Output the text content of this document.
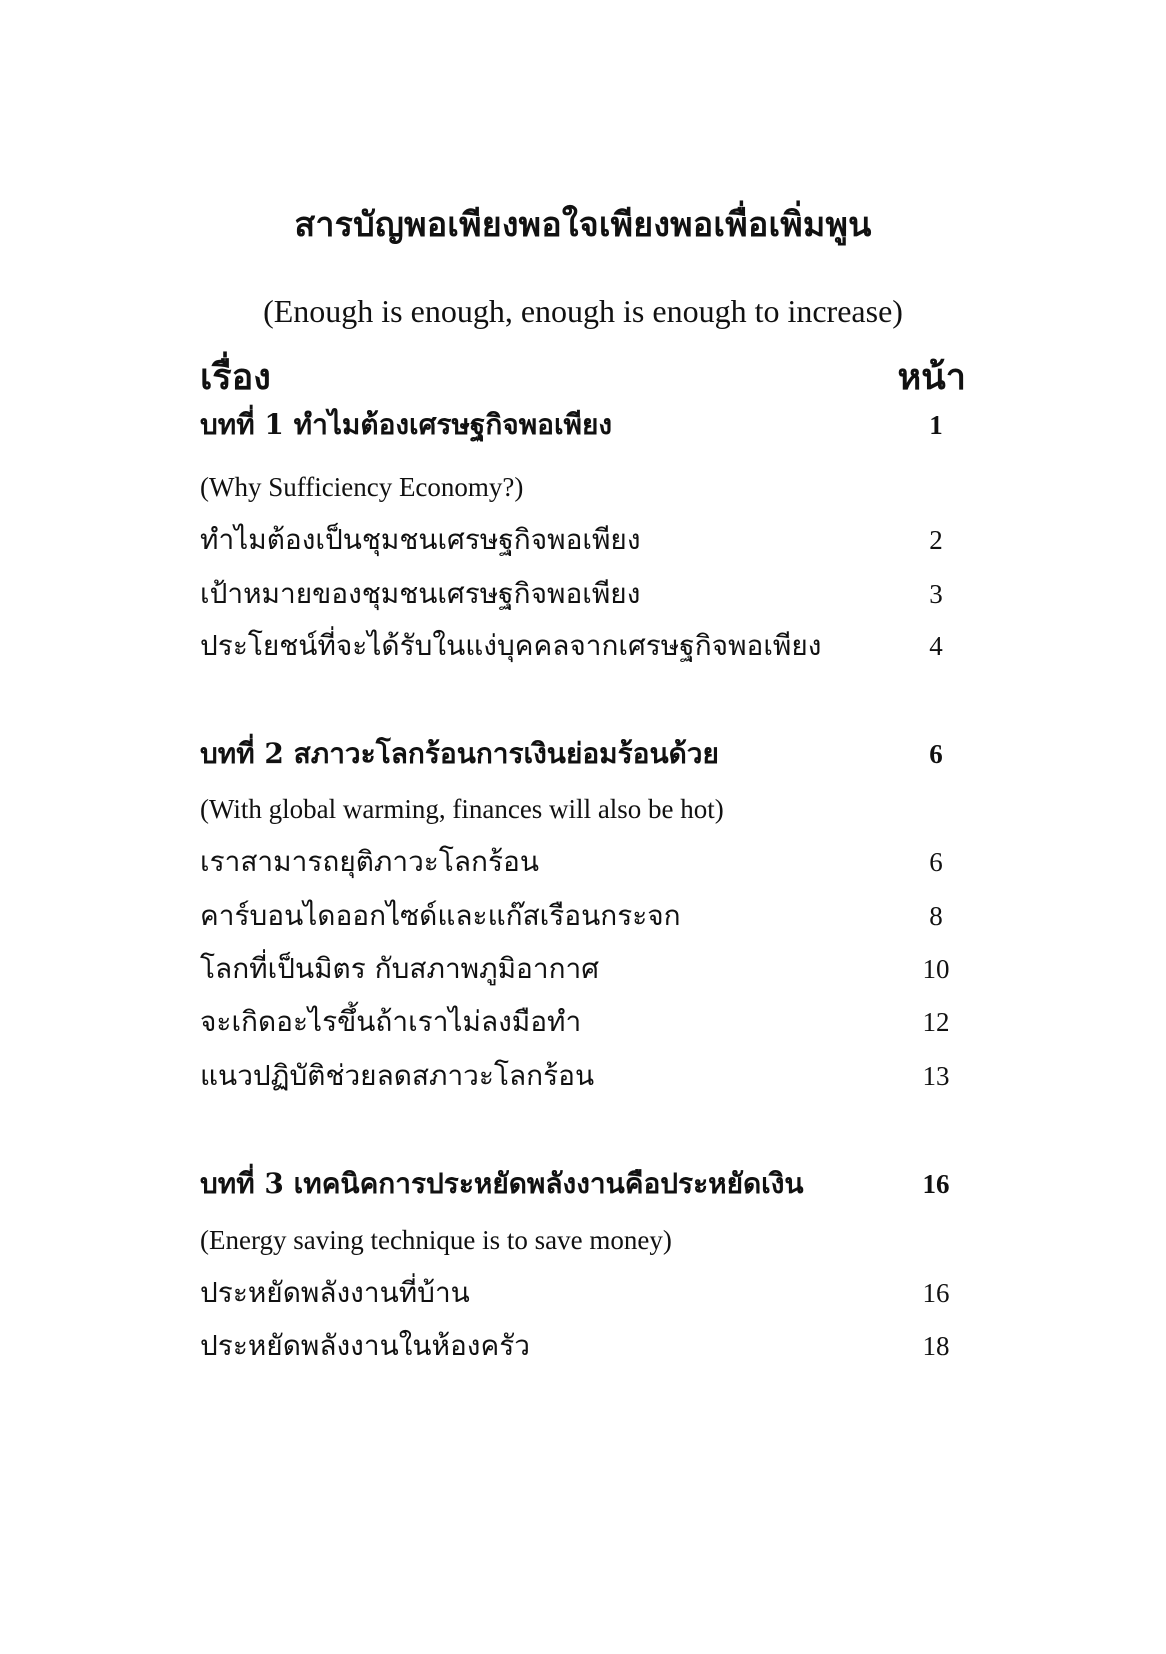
สารบัญพอเพียงพอใจเพียงพอเพื่อเพิ่มพูน
(Enough is enough, enough is enough to increase)
เรื่อง	หน้า
บทที่ 1 ทำไมต้องเศรษฐกิจพอเพียง	1
(Why Sufficiency Economy?)
ทำไมต้องเป็นชุมชนเศรษฐกิจพอเพียง	2
เป้าหมายของชุมชนเศรษฐกิจพอเพียง	3
ประโยชน์ที่จะได้รับในแง่บุคคลจากเศรษฐกิจพอเพียง	4
บทที่ 2 สภาวะโลกร้อนการเงินย่อมร้อนด้วย	6
(With global warming, finances will also be hot)
เราสามารถยุติภาวะโลกร้อน	6
คาร์บอนไดออกไซด์และแก๊สเรือนกระจก	8
โลกที่เป็นมิตร กับสภาพภูมิอากาศ	10
จะเกิดอะไรขึ้นถ้าเราไม่ลงมือทำ	12
แนวปฏิบัติช่วยลดสภาวะโลกร้อน	13
บทที่ 3 เทคนิคการประหยัดพลังงานคือประหยัดเงิน	16
(Energy saving technique is to save money)
ประหยัดพลังงานที่บ้าน	16
ประหยัดพลังงานในห้องครัว	18
